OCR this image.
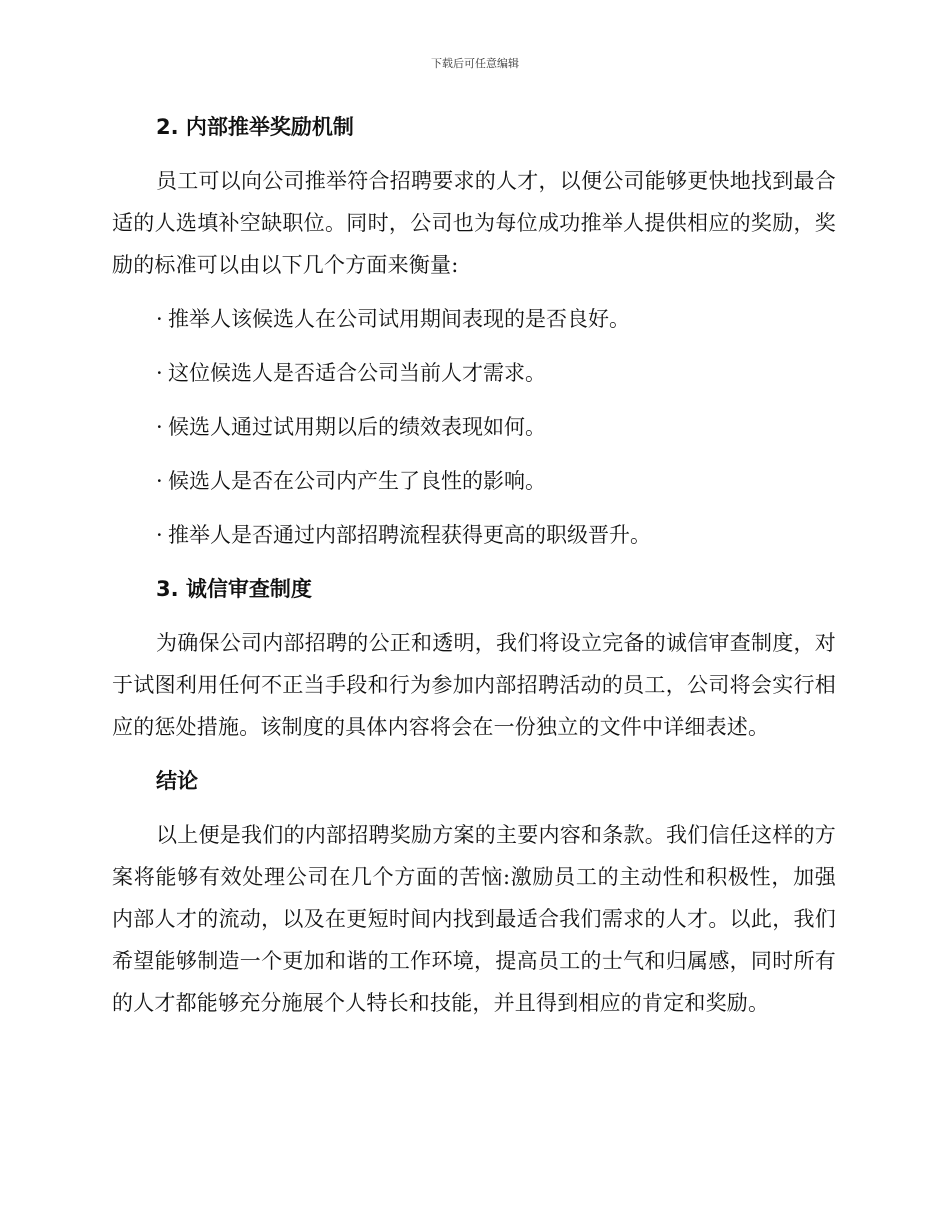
下载后可任意编辑
2. 内部推举奖励机制

员工可以向公司推举符合招聘要求的人才，以便公司能够更快地找到最合适的人选填补空缺职位。同时，公司也为每位成功推举人提供相应的奖励，奖励的标准可以由以下几个方面来衡量:

· 推举人该候选人在公司试用期间表现的是否良好。
· 这位候选人是否适合公司当前人才需求。
· 候选人通过试用期以后的绩效表现如何。
· 候选人是否在公司内产生了良性的影响。
· 推举人是否通过内部招聘流程获得更高的职级晋升。
3. 诚信审查制度

为确保公司内部招聘的公正和透明，我们将设立完备的诚信审查制度，对于试图利用任何不正当手段和行为参加内部招聘活动的员工，公司将会实行相应的惩处措施。该制度的具体内容将会在一份独立的文件中详细表述。

结论

以上便是我们的内部招聘奖励方案的主要内容和条款。我们信任这样的方案将能够有效处理公司在几个方面的苦恼:激励员工的主动性和积极性，加强内部人才的流动，以及在更短时间内找到最适合我们需求的人才。以此，我们希望能够制造一个更加和谐的工作环境，提高员工的士气和归属感，同时所有的人才都能够充分施展个人特长和技能，并且得到相应的肯定和奖励。
